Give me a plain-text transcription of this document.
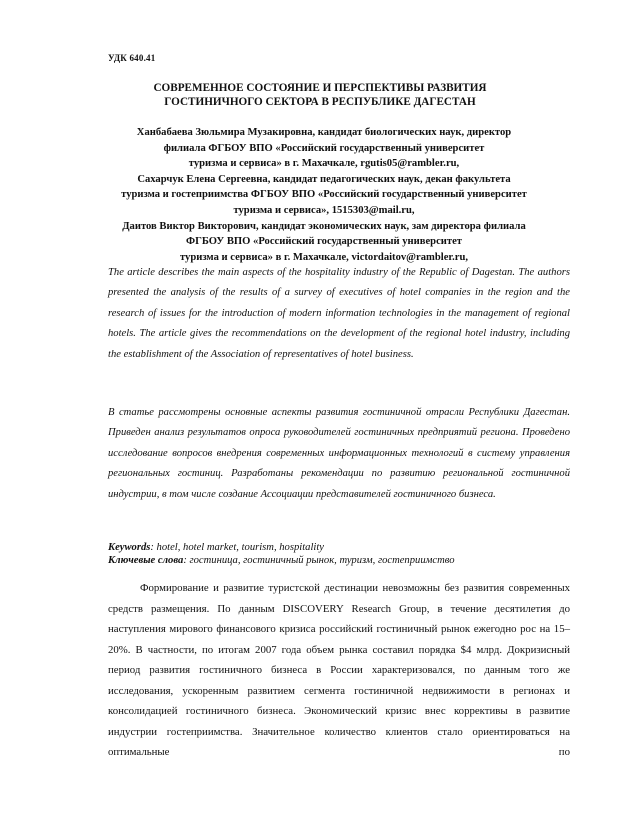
УДК 640.41
СОВРЕМЕННОЕ СОСТОЯНИЕ И ПЕРСПЕКТИВЫ РАЗВИТИЯ
ГОСТИНИЧНОГО СЕКТОРА В РЕСПУБЛИКЕ ДАГЕСТАН
Ханбабаева Зюльмира Музакировна, кандидат биологических наук, директор
филиала ФГБОУ ВПО «Российский государственный университет
туризма и сервиса» в г. Махачкале, rgutis05@rambler.ru,
Сахарчук Елена Сергеевна, кандидат педагогических наук, декан факультета
туризма и гостеприимства ФГБОУ ВПО «Российский государственный университет
туризма и сервиса», 1515303@mail.ru,
Даитов Виктор Викторович, кандидат экономических наук, зам директора филиала
ФГБОУ ВПО «Российский государственный университет
туризма и сервиса» в г. Махачкале, victordaitov@rambler.ru,
The article describes the main aspects of the hospitality industry of the Republic of Dagestan. The authors presented the analysis of the results of a survey of executives of hotel companies in the region and the research of issues for the introduction of modern information technologies in the management of regional hotels. The article gives the recommendations on the development of the regional hotel industry, including the establishment of the Association of representatives of hotel business.
В статье рассмотрены основные аспекты развития гостиничной отрасли Республики Дагестан. Приведен анализ результатов опроса руководителей гостиничных предприятий региона. Проведено исследование вопросов внедрения современных информационных технологий в систему управления региональных гостиниц. Разработаны рекомендации по развитию региональной гостиничной индустрии, в том числе создание Ассоциации представителей гостиничного бизнеса.
Keywords: hotel, hotel market, tourism, hospitality
Ключевые слова: гостиница, гостиничный рынок, туризм, гостеприимство
Формирование и развитие туристской дестинации невозможны без развития современных средств размещения. По данным DISCOVERY Research Group, в течение десятилетия до наступления мирового финансового кризиса российский гостиничный рынок ежегодно рос на 15–20%. В частности, по итогам 2007 года объем рынка составил порядка $4 млрд. Докризисный период развития гостиничного бизнеса в России характеризовался, по данным того же исследования, ускоренным развитием сегмента гостиничной недвижимости в регионах и консолидацией гостиничного бизнеса. Экономический кризис внес коррективы в развитие индустрии гостеприимства. Значительное количество клиентов стало ориентироваться на оптимальные по
